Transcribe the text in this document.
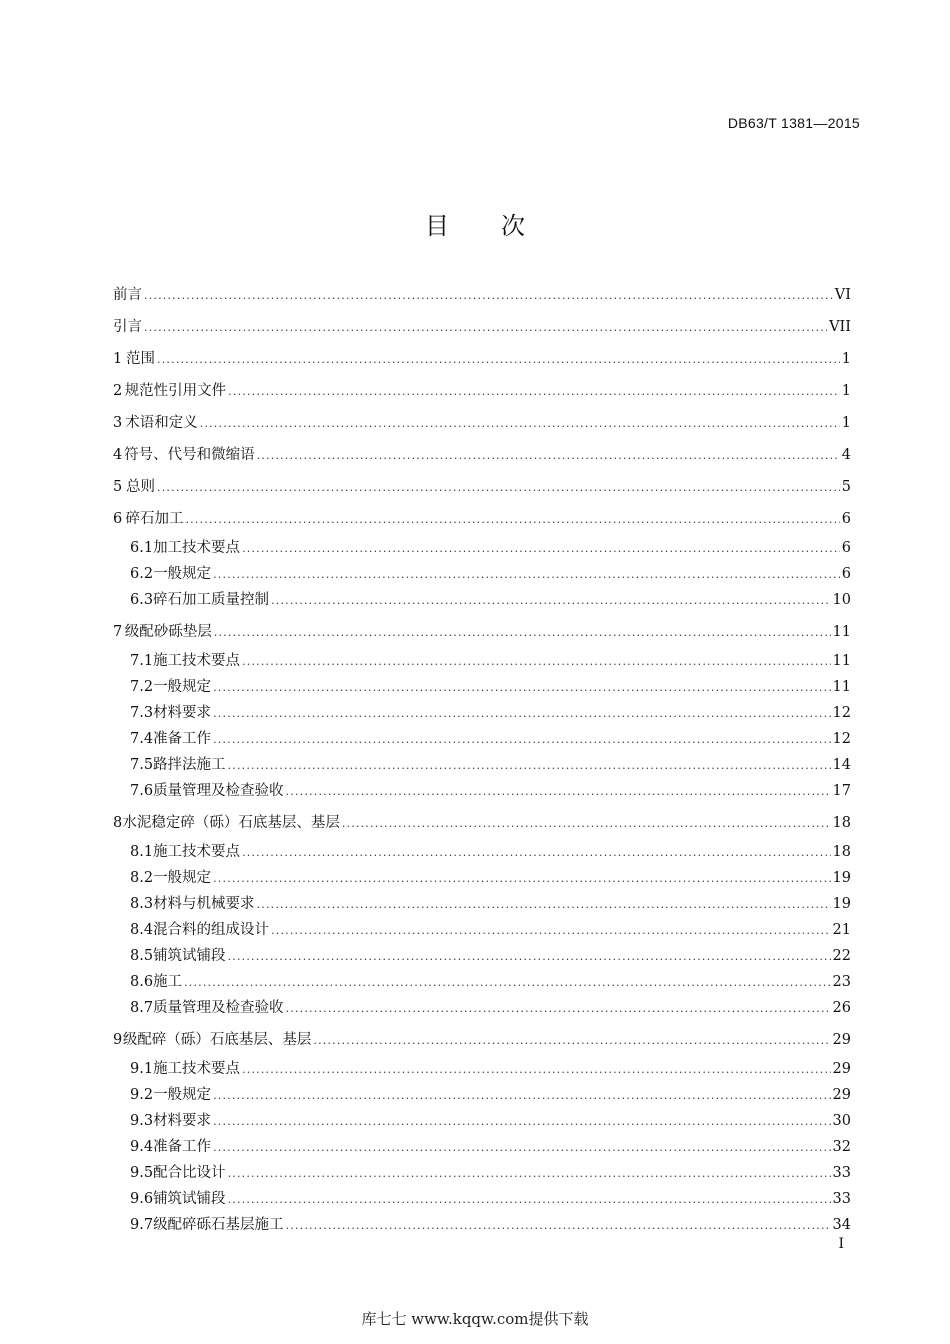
DB63/T 1381—2015
目 次
前言 .....	VI
引言 .....	VII
1 范围 .....	1
2 规范性引用文件 .....	1
3 术语和定义 .....	1
4 符号、代号和微缩语 .....	4
5 总则 .....	5
6 碎石加工 .....	6
6.1 加工技术要点 .....	6
6.2 一般规定 .....	6
6.3 碎石加工质量控制 .....	10
7 级配砂砾垫层 .....	11
7.1 施工技术要点 .....	11
7.2 一般规定 .....	11
7.3 材料要求 .....	12
7.4 准备工作 .....	12
7.5 路拌法施工 .....	14
7.6 质量管理及检查验收 .....	17
8 水泥稳定碎（砾）石底基层、基层 .....	18
8.1 施工技术要点 .....	18
8.2 一般规定 .....	19
8.3 材料与机械要求 .....	19
8.4 混合料的组成设计 .....	21
8.5 铺筑试铺段 .....	22
8.6 施工 .....	23
8.7 质量管理及检查验收 .....	26
9 级配碎（砾）石底基层、基层 .....	29
9.1 施工技术要点 .....	29
9.2 一般规定 .....	29
9.3 材料要求 .....	30
9.4 准备工作 .....	32
9.5 配合比设计 .....	33
9.6 铺筑试铺段 .....	33
9.7 级配碎砾石基层施工 .....	34
I
库七七 www.kqqw.com提供下载
